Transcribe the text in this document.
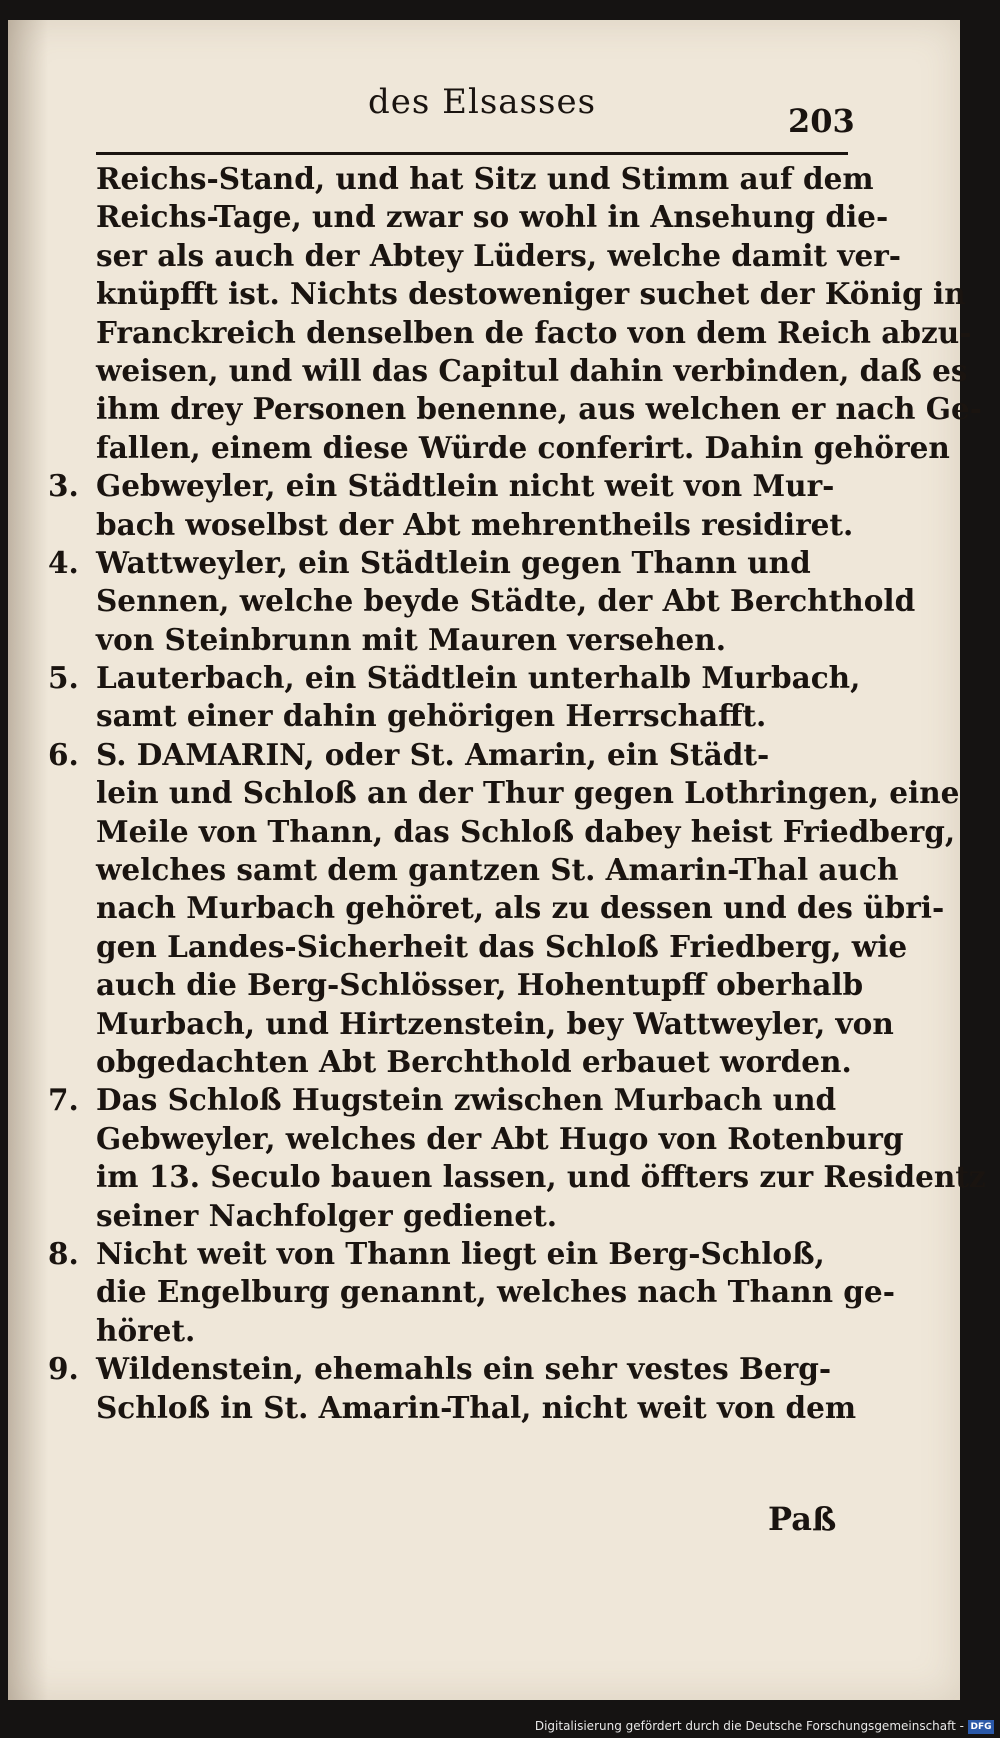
des Elsasses	203
Reichs-Stand, und hat Sitz und Stimm auf dem
Reichs-Tage, und zwar so wohl in Ansehung die-
ser als auch der Abtey Lüders, welche damit ver-
knüpfft ist. Nichts destoweniger suchet der König in
Franckreich denselben de facto von dem Reich abzu-
weisen, und will das Capitul dahin verbinden, daß es
ihm drey Personen benenne, aus welchen er nach Ge-
fallen, einem diese Würde conferirt. Dahin gehören
3. Gebweyler, ein Städtlein nicht weit von Mur-
bach woselbst der Abt mehrentheils residiret.
4. Wattweyler, ein Städtlein gegen Thann und
Sennen, welche beyde Städte, der Abt Berchthold
von Steinbrunn mit Mauren versehen.
5. Lauterbach, ein Städtlein unterhalb Murbach,
samt einer dahin gehörigen Herrschafft.
6. S. DAMARIN, oder St. Amarin, ein Städt-
lein und Schloß an der Thur gegen Lothringen, eine
Meile von Thann, das Schloß dabey heist Friedberg,
welches samt dem gantzen St. Amarin-Thal auch
nach Murbach gehöret, als zu dessen und des übri-
gen Landes-Sicherheit das Schloß Friedberg, wie
auch die Berg-Schlösser, Hohentupff oberhalb
Murbach, und Hirtzenstein, bey Wattweyler, von
obgedachten Abt Berchthold erbauet worden.
7. Das Schloß Hugstein zwischen Murbach und
Gebweyler, welches der Abt Hugo von Rotenburg
im 13. Seculo bauen lassen, und öffters zur Residentz
seiner Nachfolger gedienet.
8. Nicht weit von Thann liegt ein Berg-Schloß,
die Engelburg genannt, welches nach Thann ge-
höret.
9. Wildenstein, ehemahls ein sehr vestes Berg-
Schloß in St. Amarin-Thal, nicht weit von dem
Paß
Digitalisierung gefördert durch die Deutsche Forschungsgemeinschaft - DFG
